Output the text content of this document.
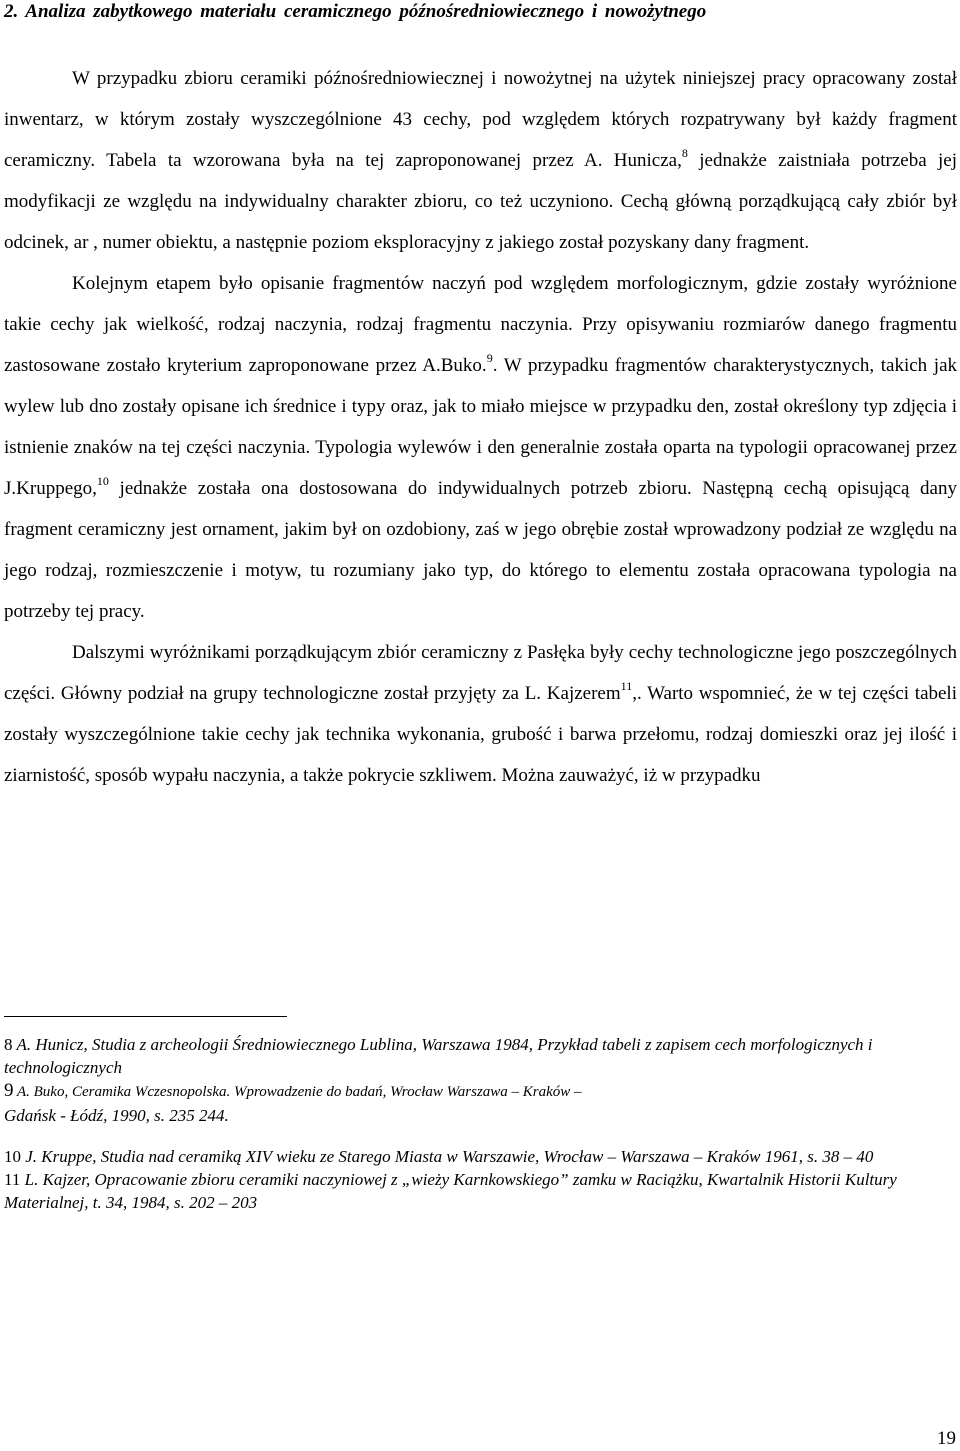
2. Analiza zabytkowego materiału ceramicznego późnośredniowiecznego i nowożytnego

W przypadku zbioru ceramiki późnośredniowiecznej i nowożytnej na użytek niniejszej pracy opracowany został inwentarz, w którym zostały wyszczególnione 43 cechy, pod względem których rozpatrywany był każdy fragment ceramiczny. Tabela ta wzorowana była na tej zaproponowanej przez A. Hunicza,$^8$ jednakże zaistniała potrzeba jej modyfikacji ze względu na indywidualny charakter zbioru, co też uczyniono. Cechą główną porządkującą cały zbiór był odcinek, ar , numer obiektu, a następnie poziom eksploracyjny z jakiego został pozyskany dany fragment.

Kolejnym etapem było opisanie fragmentów naczyń pod względem morfologicznym, gdzie zostały wyróżnione takie cechy jak wielkość, rodzaj naczynia, rodzaj fragmentu naczynia. Przy opisywaniu rozmiarów danego fragmentu zastosowane zostało kryterium zaproponowane przez A.Buko.$^9$. W przypadku fragmentów charakterystycznych, takich jak wylew lub dno zostały opisane ich średnice i typy oraz, jak to miało miejsce w przypadku den, został określony typ zdjęcia i istnienie znaków na tej części naczynia. Typologia wylewów i den generalnie została oparta na typologii opracowanej przez J.Kruppego,$^{10}$ jednakże została ona dostosowana do indywidualnych potrzeb zbioru. Następną cechą opisującą dany fragment ceramiczny jest ornament, jakim był on ozdobiony, zaś w jego obrębie został wprowadzony podział ze względu na jego rodzaj, rozmieszczenie i motyw, tu rozumiany jako typ, do którego to elementu została opracowana typologia na potrzeby tej pracy.

Dalszymi wyróżnikami porządkującym zbiór ceramiczny z Pasłęka były cechy technologiczne jego poszczególnych części. Główny podział na grupy technologiczne został przyjęty za L. Kajzerem$^{11}$,. Warto wspomnieć, że w tej części tabeli zostały wyszczególnione takie cechy jak technika wykonania, grubość i barwa przełomu, rodzaj domieszki oraz jej ilość i ziarnistość, sposób wypału naczynia, a także pokrycie szkliwem. Można zauważyć, iż w przypadku

8 A. Hunicz, Studia z archeologii Średniowiecznego Lublina, Warszawa 1984, Przykład tabeli z zapisem cech morfologicznych i technologicznych

9 A. Buko, Ceramika Wczesnopolska. Wprowadzenie do badań, Wrocław Warszawa – Kraków –
Gdańsk - Łódź, 1990, s. 235 244.

10 J. Kruppe, Studia nad ceramiką XIV wieku ze Starego Miasta w Warszawie, Wrocław – Warszawa – Kraków 1961, s. 38 – 40

11 L. Kajzer, Opracowanie zbioru ceramiki naczyniowej z „wieży Karnkowskiego” zamku w Raciążku, Kwartalnik Historii Kultury Materialnej, t. 34, 1984, s. 202 – 203

19
